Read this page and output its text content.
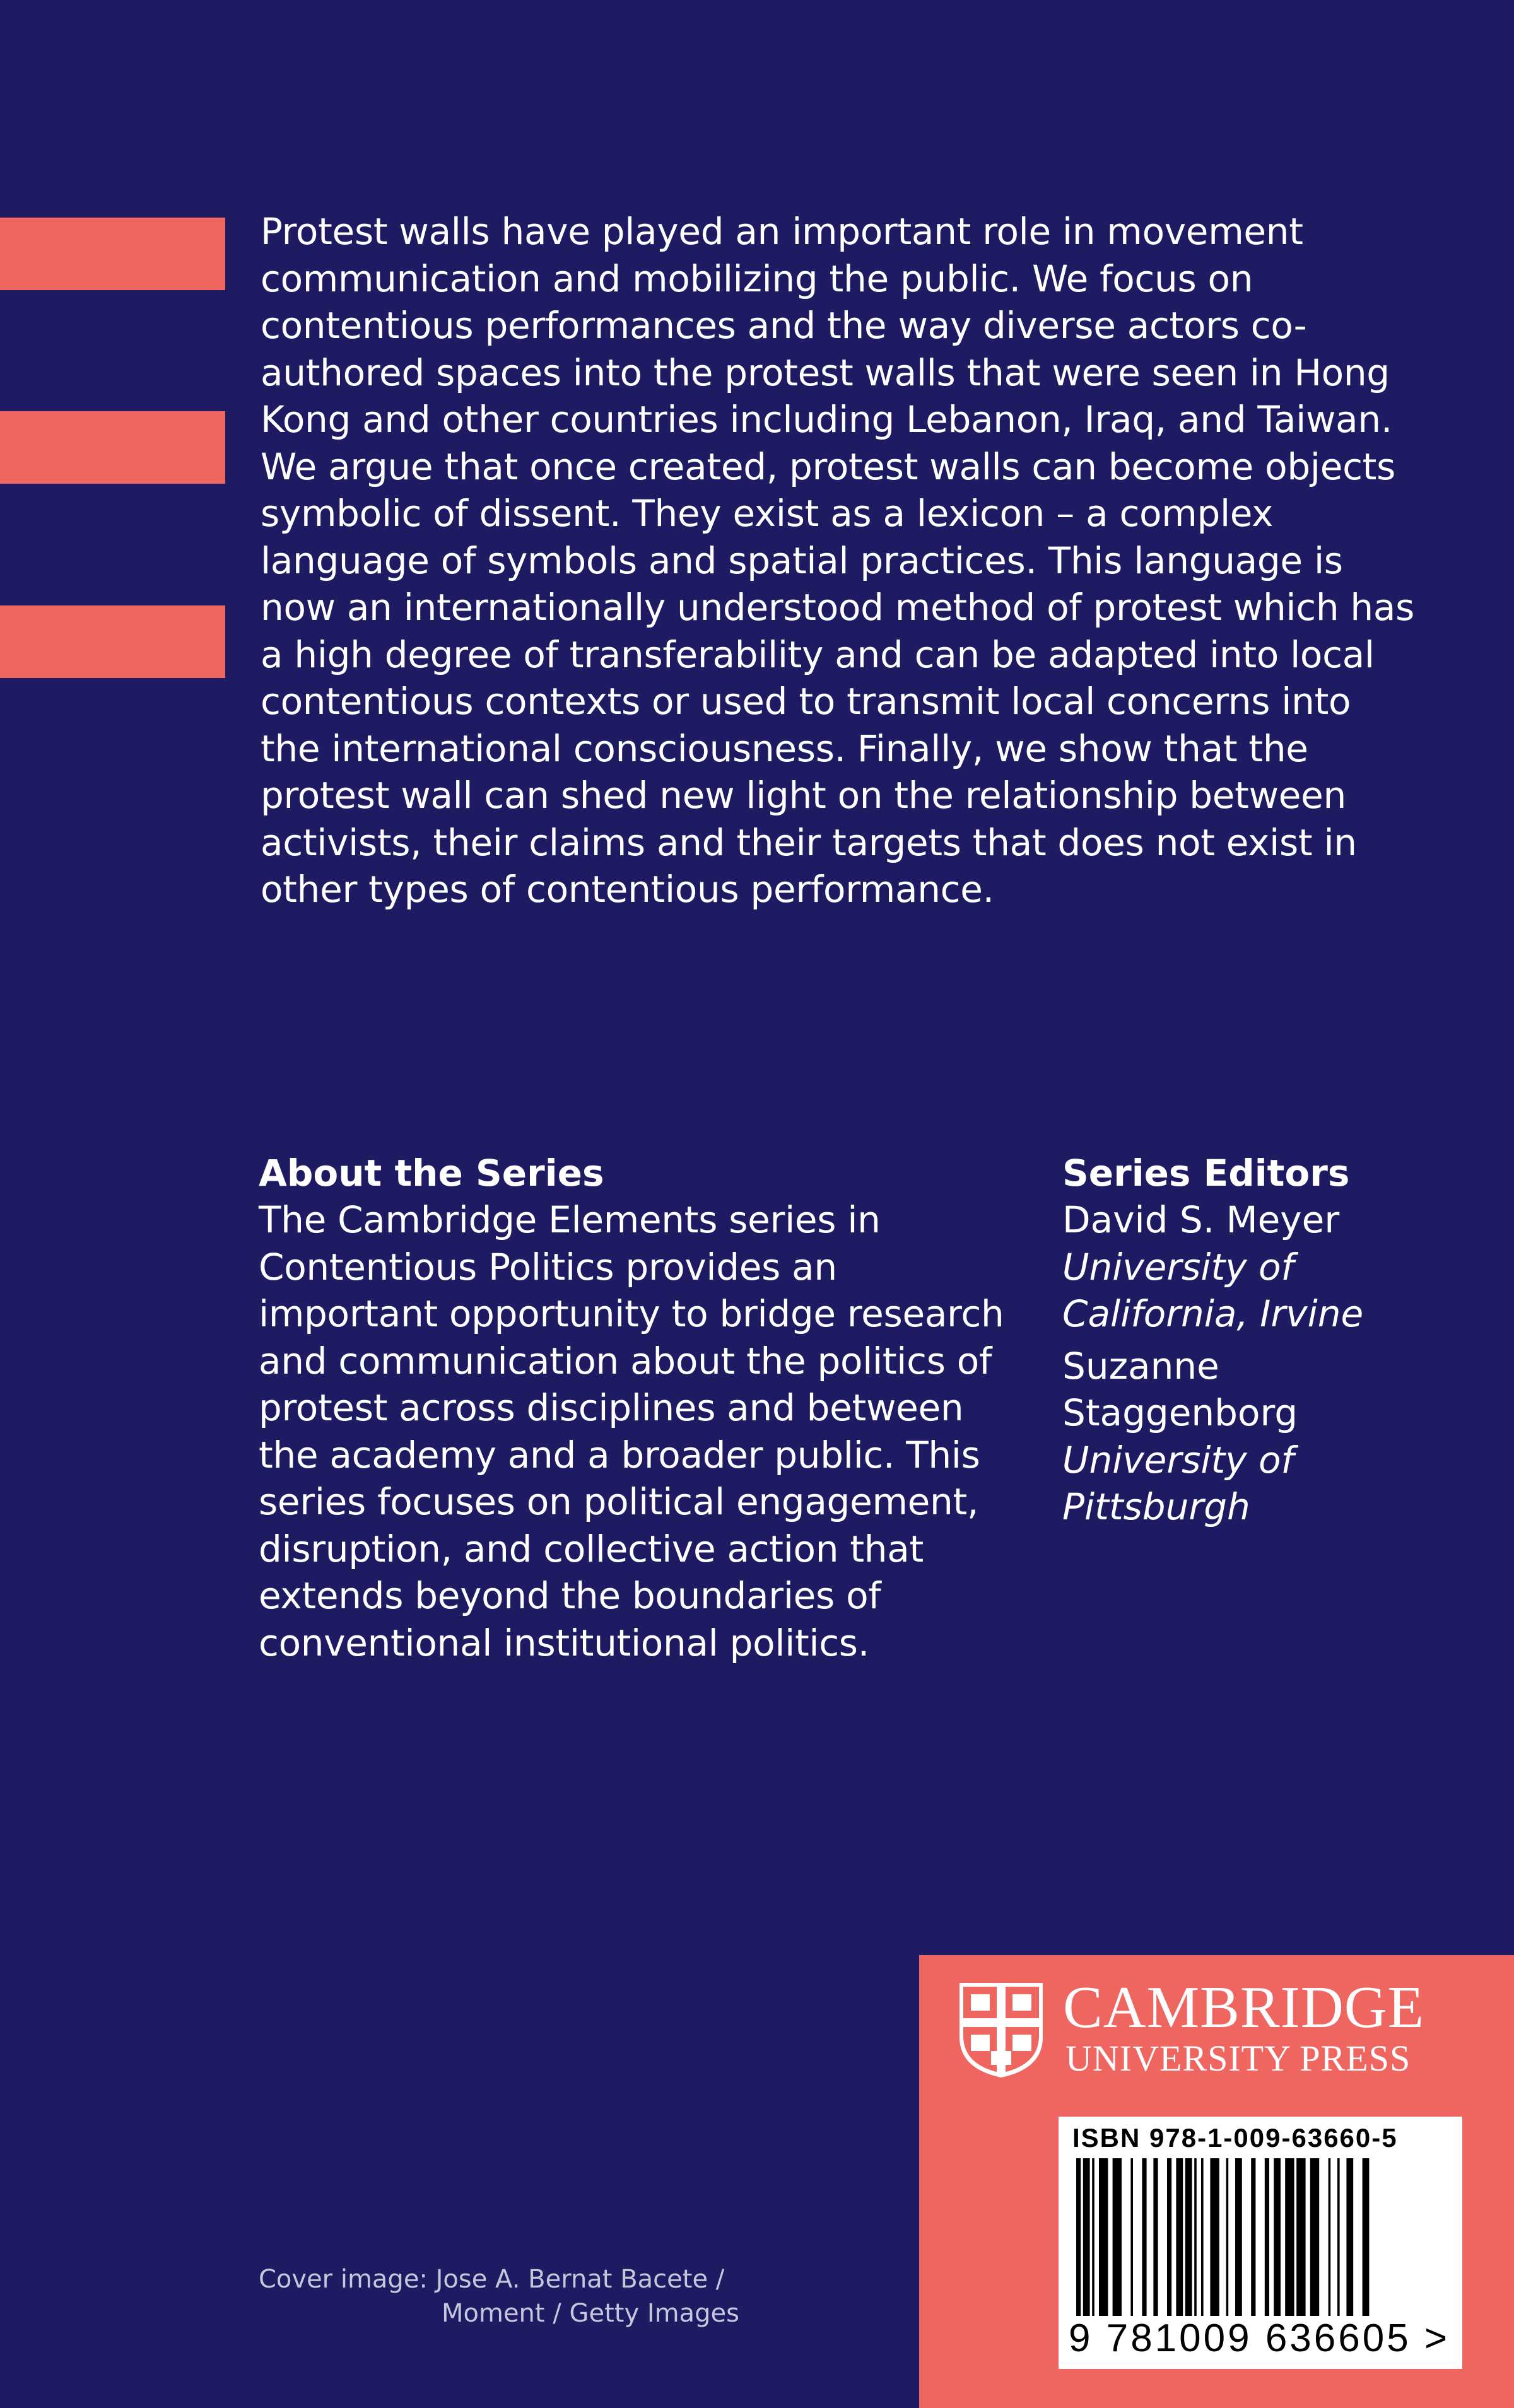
Protest walls have played an important role in movement communication and mobilizing the public. We focus on contentious performances and the way diverse actors co-authored spaces into the protest walls that were seen in Hong Kong and other countries including Lebanon, Iraq, and Taiwan. We argue that once created, protest walls can become objects symbolic of dissent. They exist as a lexicon – a complex language of symbols and spatial practices. This language is now an internationally understood method of protest which has a high degree of transferability and can be adapted into local contentious contexts or used to transmit local concerns into the international consciousness. Finally, we show that the protest wall can shed new light on the relationship between activists, their claims and their targets that does not exist in other types of contentious performance.

About the Series

The Cambridge Elements series in Contentious Politics provides an important opportunity to bridge research and communication about the politics of protest across disciplines and between the academy and a broader public. This series focuses on political engagement, disruption, and collective action that extends beyond the boundaries of conventional institutional politics.

Series Editors

David S. Meyer

University of California, Irvine

Suzanne Staggenborg

University of Pittsburgh

Cover image: Jose A. Bernat Bacete /
Moment / Getty Images
CAMBRIDGE
UNIVERSITY PRESS
ISBN 978-1-009-63660-5
9 781009 636605 >
